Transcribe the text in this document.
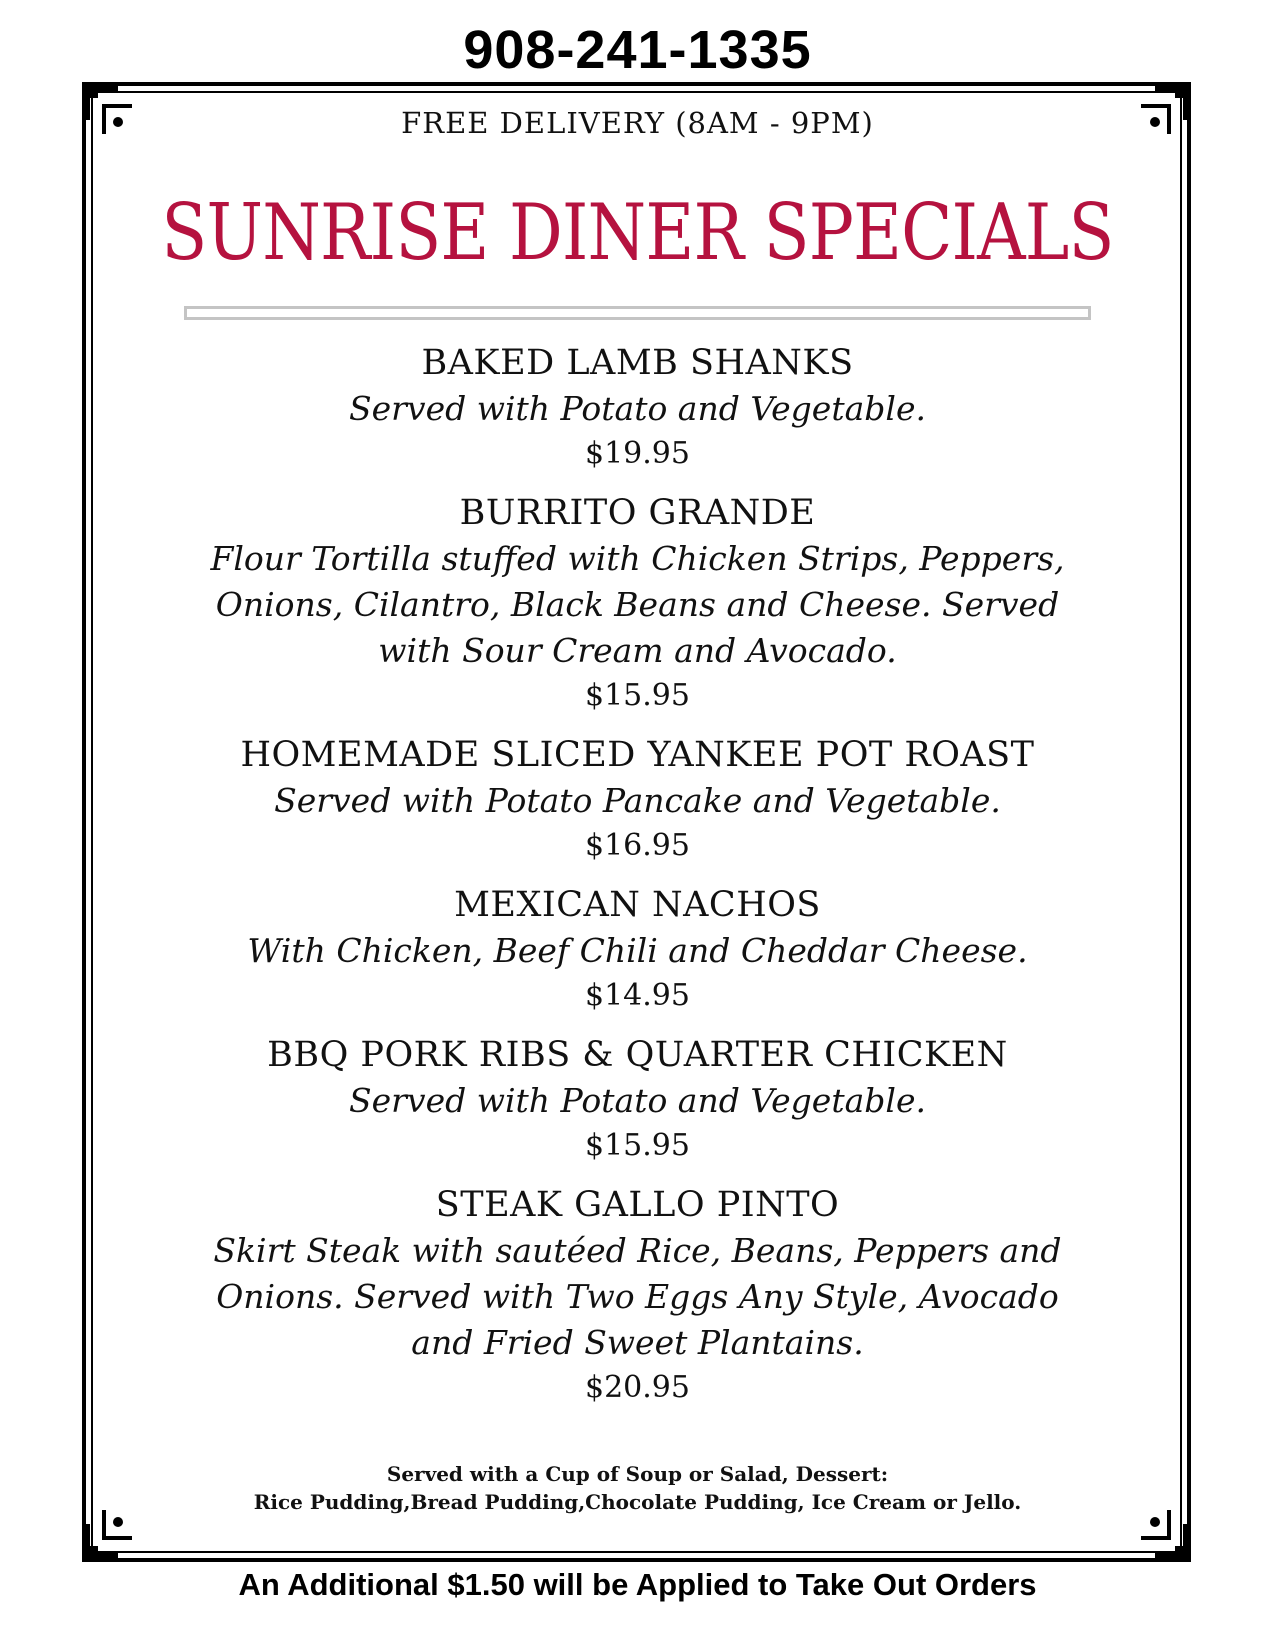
908-241-1335
FREE DELIVERY (8AM - 9PM)
SUNRISE DINER SPECIALS
BAKED LAMB SHANKS
Served with Potato and Vegetable.
$19.95
BURRITO GRANDE
Flour Tortilla stuffed with Chicken Strips, Peppers, Onions, Cilantro, Black Beans and Cheese. Served with Sour Cream and Avocado.
$15.95
HOMEMADE SLICED YANKEE POT ROAST
Served with Potato Pancake and Vegetable.
$16.95
MEXICAN NACHOS
With Chicken, Beef Chili and Cheddar Cheese.
$14.95
BBQ PORK RIBS & QUARTER CHICKEN
Served with Potato and Vegetable.
$15.95
STEAK GALLO PINTO
Skirt Steak with sautéed Rice, Beans, Peppers and Onions. Served with Two Eggs Any Style, Avocado and Fried Sweet Plantains.
$20.95
Served with a Cup of Soup or Salad, Dessert:
Rice Pudding,Bread Pudding,Chocolate Pudding, Ice Cream or Jello.
An Additional $1.50 will be Applied to Take Out Orders
